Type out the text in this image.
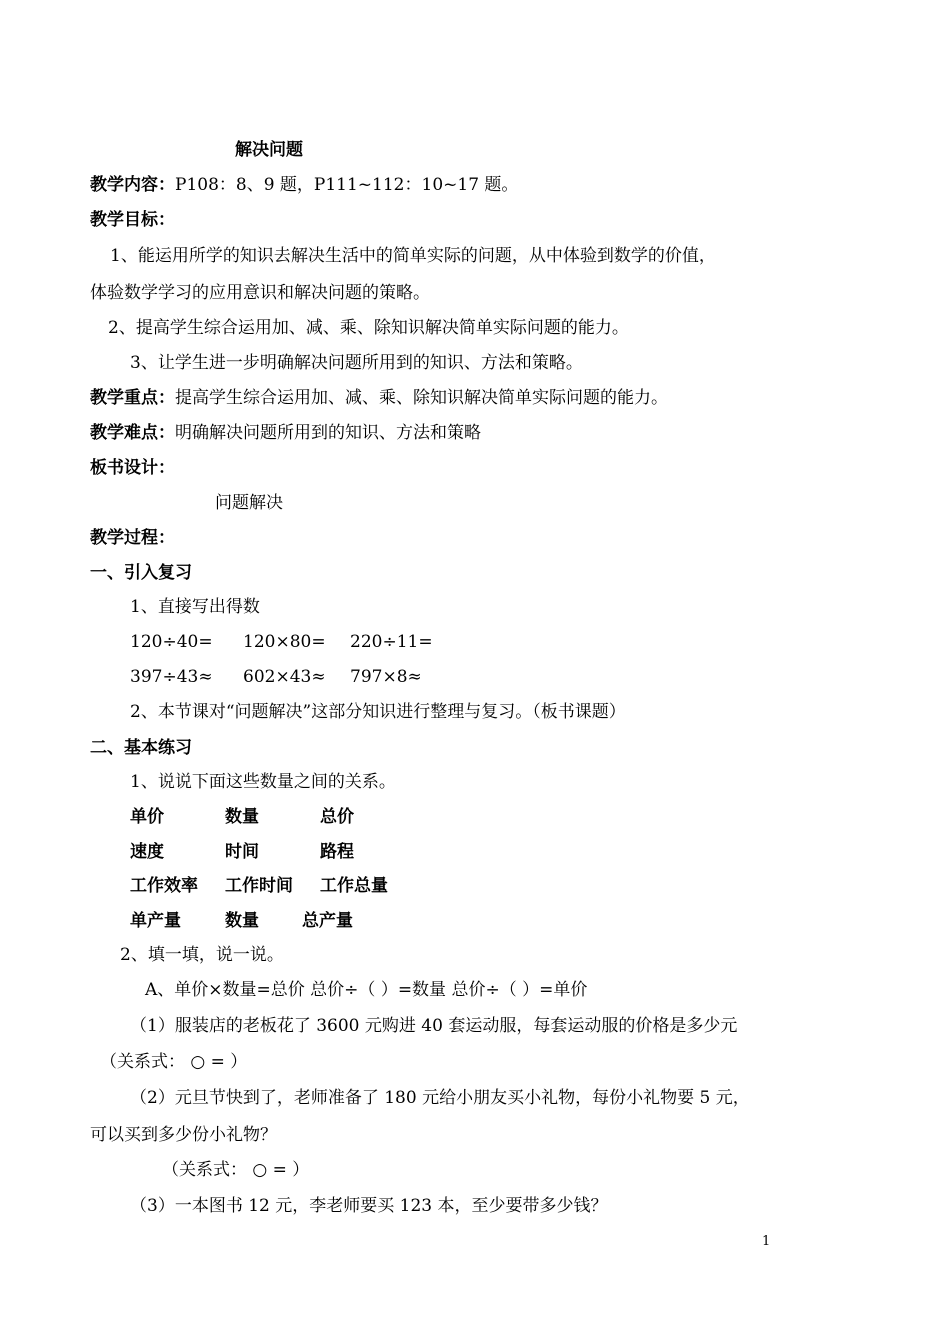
解决问题
教学内容：P108：8、9 题，P111~112：10~17 题。
教学目标：
1、能运用所学的知识去解决生活中的简单实际的问题，从中体验到数学的价值，
体验数学学习的应用意识和解决问题的策略。
2、提高学生综合运用加、减、乘、除知识解决简单实际问题的能力。
3、让学生进一步明确解决问题所用到的知识、方法和策略。
教学重点：提高学生综合运用加、减、乘、除知识解决简单实际问题的能力。
教学难点：明确解决问题所用到的知识、方法和策略
板书设计：
问题解决
教学过程：
一、引入复习
1、直接写出得数
120÷40= 120×80= 220÷11=
397÷43≈ 602×43≈ 797×8≈
2、本节课对“问题解决”这部分知识进行整理与复习。（板书课题）
二、基本练习
1、说说下面这些数量之间的关系。
单价	数量	总价
速度	时间	路程
工作效率 工作时间 工作总量
单产量	数量	总产量
2、填一填，说一说。
A、单价×数量=总价 总价÷（ ）=数量 总价÷（ ）=单价
（1）服装店的老板花了 3600 元购进 40 套运动服，每套运动服的价格是多少元
（关系式： ○ = ）
（2）元旦节快到了，老师准备了 180 元给小朋友买小礼物，每份小礼物要 5 元，
可以买到多少份小礼物？
（关系式： ○ = ）
（3）一本图书 12 元，李老师要买 123 本，至少要带多少钱？
1
